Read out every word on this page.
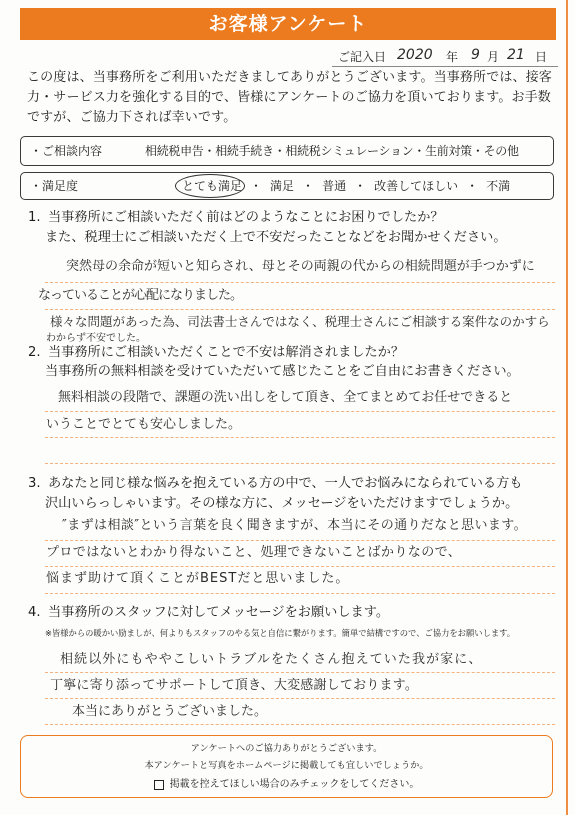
お客様アンケート
ご記入日 2020 年 9 月 21 日
この度は、当事務所をご利用いただきましてありがとうございます。当事務所では、接客
力・サービス力を強化する目的で、皆様にアンケートのご協力を頂いております。お手数
ですが、ご協力下されば幸いです。
・ご相談内容	相続税申告・相続手続き・相続税シミュレーション・生前対策・その他
・満足度	とても満足 ・ 満足 ・ 普通 ・ 改善してほしい ・ 不満
1. 当事務所にご相談いただく前はどのようなことにお困りでしたか？
また、税理士にご相談いただく上で不安だったことなどをお聞かせください。
突然母の余命が短いと知らされ、母とその両親の代からの相続問題が手つかずに
なっていることが心配になりました。
様々な問題があった為、司法書士さんではなく、税理士さんにご相談する案件なのかすら
わからず不安でした。
2. 当事務所にご相談いただくことで不安は解消されましたか？
当事務所の無料相談を受けていただいて感じたことをご自由にお書きください。
無料相談の段階で、課題の洗い出しをして頂き、全てまとめてお任せできると
いうことでとても安心しました。
3. あなたと同じ様な悩みを抱えている方の中で、一人でお悩みになられている方も
沢山いらっしゃいます。その様な方に、メッセージをいただけますでしょうか。
″まずは相談″という言葉を良く聞きますが、本当にその通りだなと思います。
プロではないとわかり得ないこと、処理できないことばかりなので、
悩まず助けて頂くことがBESTだと思いました。
4. 当事務所のスタッフに対してメッセージをお願いします。
※皆様からの暖かい励ましが、何よりもスタッフのやる気と自信に繋がります。簡単で結構ですので、ご協力をお願いします。
相続以外にもややこしいトラブルをたくさん抱えていた我が家に、
丁寧に寄り添ってサポートして頂き、大変感謝しております。
本当にありがとうございました。
アンケートへのご協力ありがとうございます。
本アンケートと写真をホームページに掲載しても宜しいでしょうか。
掲載を控えてほしい場合のみチェックをしてください。
